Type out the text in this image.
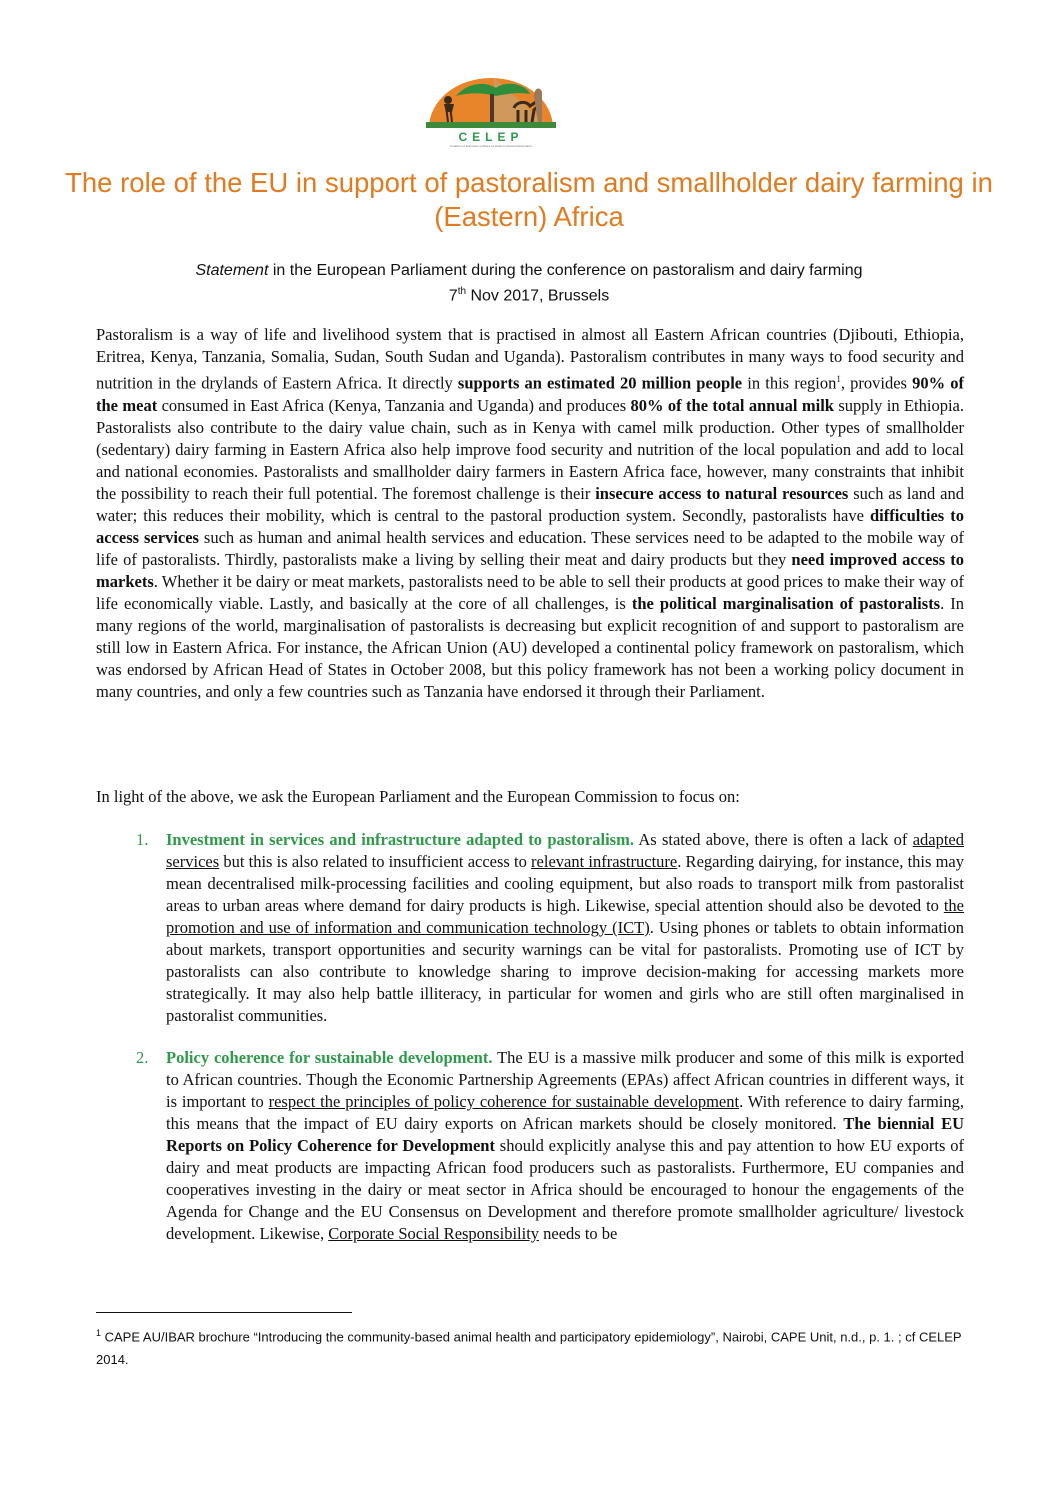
CELEP
Coalition of European Lobbies for Eastern African Pastoralism
The role of the EU in support of pastoralism and smallholder dairy farming in (Eastern) Africa
Statement in the European Parliament during the conference on pastoralism and dairy farming
7th Nov 2017, Brussels
Pastoralism is a way of life and livelihood system that is practised in almost all Eastern African countries (Djibouti, Ethiopia, Eritrea, Kenya, Tanzania, Somalia, Sudan, South Sudan and Uganda). Pastoralism contributes in many ways to food security and nutrition in the drylands of Eastern Africa. It directly supports an estimated 20 million people in this region$^1$, provides 90% of the meat consumed in East Africa (Kenya, Tanzania and Uganda) and produces 80% of the total annual milk supply in Ethiopia. Pastoralists also contribute to the dairy value chain, such as in Kenya with camel milk production. Other types of smallholder (sedentary) dairy farming in Eastern Africa also help improve food security and nutrition of the local population and add to local and national economies. Pastoralists and smallholder dairy farmers in Eastern Africa face, however, many constraints that inhibit the possibility to reach their full potential. The foremost challenge is their insecure access to natural resources such as land and water; this reduces their mobility, which is central to the pastoral production system. Secondly, pastoralists have difficulties to access services such as human and animal health services and education. These services need to be adapted to the mobile way of life of pastoralists. Thirdly, pastoralists make a living by selling their meat and dairy products but they need improved access to markets. Whether it be dairy or meat markets, pastoralists need to be able to sell their products at good prices to make their way of life economically viable. Lastly, and basically at the core of all challenges, is the political marginalisation of pastoralists. In many regions of the world, marginalisation of pastoralists is decreasing but explicit recognition of and support to pastoralism are still low in Eastern Africa. For instance, the African Union (AU) developed a continental policy framework on pastoralism, which was endorsed by African Head of States in October 2008, but this policy framework has not been a working policy document in many countries, and only a few countries such as Tanzania have endorsed it through their Parliament.
In light of the above, we ask the European Parliament and the European Commission to focus on:
1. Investment in services and infrastructure adapted to pastoralism. As stated above, there is often a lack of adapted services but this is also related to insufficient access to relevant infrastructure. Regarding dairying, for instance, this may mean decentralised milk-processing facilities and cooling equipment, but also roads to transport milk from pastoralist areas to urban areas where demand for dairy products is high. Likewise, special attention should also be devoted to the promotion and use of information and communication technology (ICT). Using phones or tablets to obtain information about markets, transport opportunities and security warnings can be vital for pastoralists. Promoting use of ICT by pastoralists can also contribute to knowledge sharing to improve decision-making for accessing markets more strategically. It may also help battle illiteracy, in particular for women and girls who are still often marginalised in pastoralist communities.
2. Policy coherence for sustainable development. The EU is a massive milk producer and some of this milk is exported to African countries. Though the Economic Partnership Agreements (EPAs) affect African countries in different ways, it is important to respect the principles of policy coherence for sustainable development. With reference to dairy farming, this means that the impact of EU dairy exports on African markets should be closely monitored. The biennial EU Reports on Policy Coherence for Development should explicitly analyse this and pay attention to how EU exports of dairy and meat products are impacting African food producers such as pastoralists. Furthermore, EU companies and cooperatives investing in the dairy or meat sector in Africa should be encouraged to honour the engagements of the Agenda for Change and the EU Consensus on Development and therefore promote smallholder agriculture/ livestock development. Likewise, Corporate Social Responsibility needs to be
$^1$ CAPE AU/IBAR brochure “Introducing the community-based animal health and participatory epidemiology”, Nairobi, CAPE Unit, n.d., p. 1. ; cf CELEP 2014.
